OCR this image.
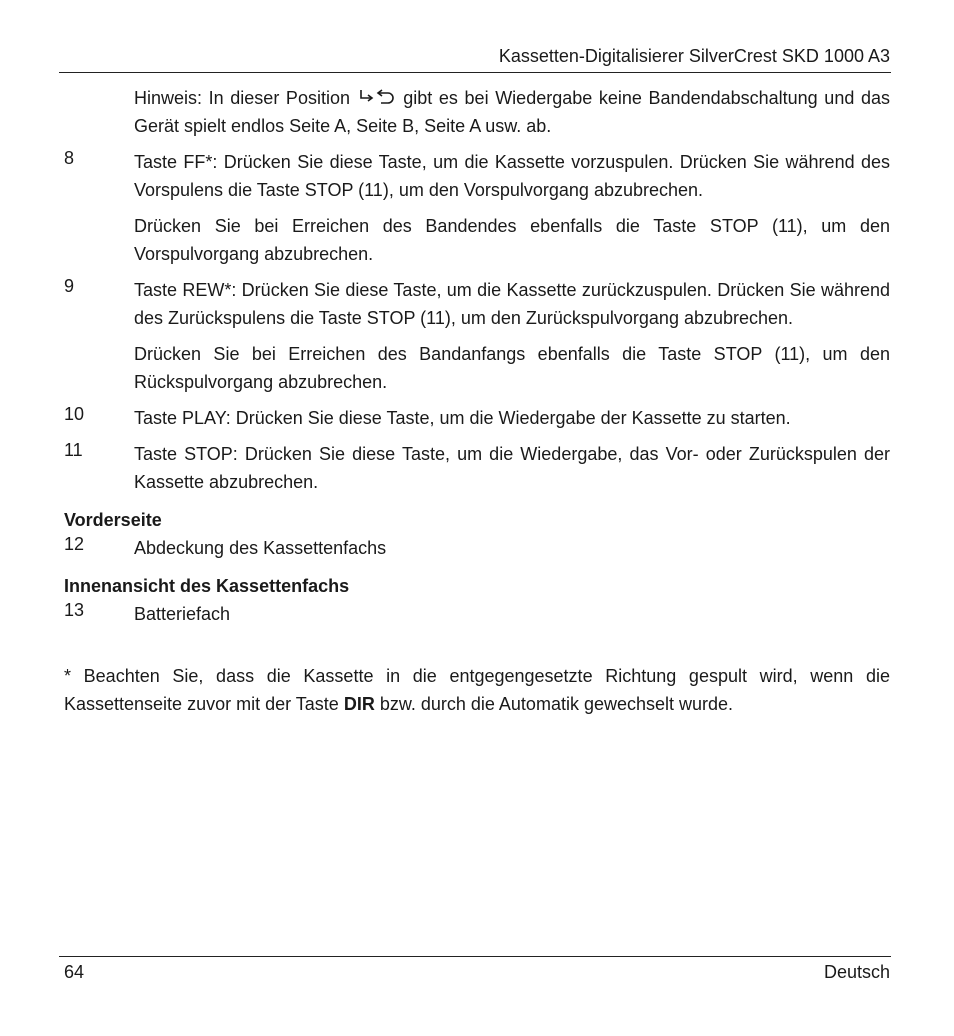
Kassetten-Digitalisierer SilverCrest SKD 1000 A3

Hinweis: In dieser Position	gibt es bei Wiedergabe keine Bandendabschaltung und das Gerät spielt endlos Seite A, Seite B, Seite A usw. ab.

8	Taste FF*: Drücken Sie diese Taste, um die Kassette vorzuspulen. Drücken Sie während des Vorspulens die Taste STOP (11), um den Vorspulvorgang abzubrechen.

Drücken Sie bei Erreichen des Bandendes ebenfalls die Taste STOP (11), um den Vorspulvorgang abzubrechen.

9	Taste REW*: Drücken Sie diese Taste, um die Kassette zurückzuspulen. Drücken Sie während des Zurückspulens die Taste STOP (11), um den Zurückspulvorgang abzubrechen.

Drücken Sie bei Erreichen des Bandanfangs ebenfalls die Taste STOP (11), um den Rückspulvorgang abzubrechen.

10	Taste PLAY: Drücken Sie diese Taste, um die Wiedergabe der Kassette zu starten.

11	Taste STOP: Drücken Sie diese Taste, um die Wiedergabe, das Vor- oder Zurückspulen der Kassette abzubrechen.

Vorderseite
12	Abdeckung des Kassettenfachs

Innenansicht des Kassettenfachs
13	Batteriefach

* Beachten Sie, dass die Kassette in die entgegengesetzte Richtung gespult wird, wenn die Kassettenseite zuvor mit der Taste DIR bzw. durch die Automatik gewechselt wurde.

64	Deutsch
